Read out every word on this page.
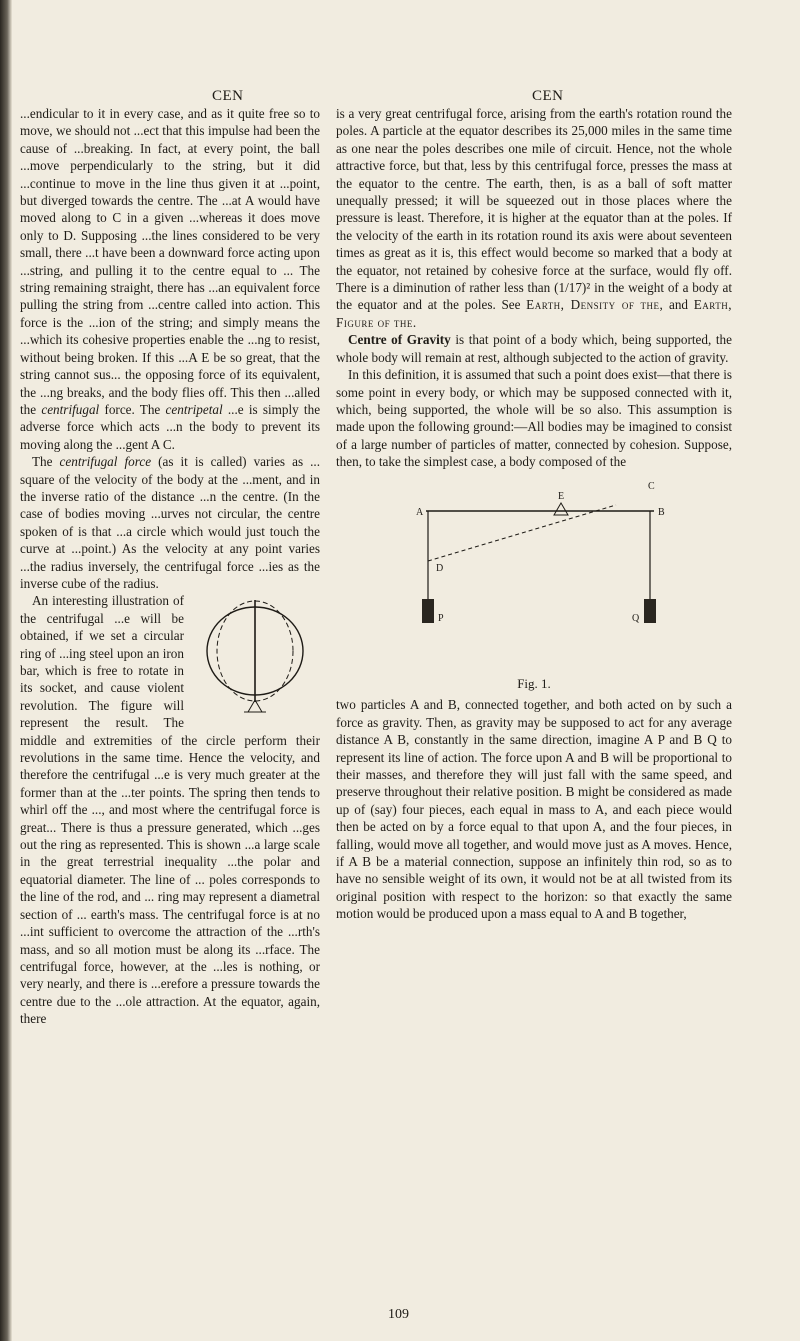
CEN	CEN

...endicular to it in every case, and as it quite free so to move, we should not ...ect that this impulse had been the cause of ...breaking. In fact, at every point, the ball ...move perpendicularly to the string, but it did ...continue to move in the line thus given it at ...point, but diverged towards the centre. The ...at A would have moved along to C in a given ...whereas it does move only to D. Supposing ...the lines considered to be very small, there ...t have been a downward force acting upon ...string, and pulling it to the centre equal to ... The string remaining straight, there has ...an equivalent force pulling the string from ...centre called into action. This force is the ...ion of the string; and simply means the ...which its cohesive properties enable the ...ng to resist, without being broken. If this ...A E be so great, that the string cannot sus... the opposing force of its equivalent, the ...ng breaks, and the body flies off. This then ...alled the centrifugal force. The centripetal ...e is simply the adverse force which acts ...n the body to prevent its moving along the ...gent A C.

The centrifugal force (as it is called) varies as ... square of the velocity of the body at the ...ment, and in the inverse ratio of the distance ...n the centre. (In the case of bodies moving ...urves not circular, the centre spoken of is that ...a circle which would just touch the curve at ...point.) As the velocity at any point varies ...the radius inversely, the centrifugal force ...ies as the inverse cube of the radius.

An interesting illustration of the centrifugal ...e will be obtained, if we set a circular ring of ...ing steel upon an iron bar, which is free to rotate in its socket, and cause violent revolution. The figure will represent the result. The middle and extremities of the circle perform their revolutions in the same time. Hence the velocity, and therefore the centrifugal ...e is very much greater at the former than at the ...ter points. The spring then tends to whirl off the ..., and most where the centrifugal force is great... There is thus a pressure generated, which ...ges out the ring as represented. This is shown ...a large scale in the great terrestrial inequality ...the polar and equatorial diameter. The line of ... poles corresponds to the line of the rod, and ... ring may represent a diametral section of ... earth's mass. The centrifugal force is at no ...int sufficient to overcome the attraction of the ...rth's mass, and so all motion must be along its ...rface. The centrifugal force, however, at the ...les is nothing, or very nearly, and there is ...erefore a pressure towards the centre due to the ...ole attraction. At the equator, again, there

is a very great centrifugal force, arising from the earth's rotation round the poles. A particle at the equator describes its 25,000 miles in the same time as one near the poles describes one mile of circuit. Hence, not the whole attractive force, but that, less by this centrifugal force, presses the mass at the equator to the centre. The earth, then, is as a ball of soft matter unequally pressed; it will be squeezed out in those places where the pressure is least. Therefore, it is higher at the equator than at the poles. If the velocity of the earth in its rotation round its axis were about seventeen times as great as it is, this effect would become so marked that a body at the equator, not retained by cohesive force at the surface, would fly off. There is a diminution of rather less than (1/17)² in the weight of a body at the equator and at the poles. See Earth, Density of the, and Earth, Figure of the.

Centre of Gravity is that point of a body which, being supported, the whole body will remain at rest, although subjected to the action of gravity.

In this definition, it is assumed that such a point does exist—that there is some point in every body, or which may be supposed connected with it, which, being supported, the whole will be so also. This assumption is made upon the following ground:—All bodies may be imagined to consist of a large number of particles of matter, connected by cohesion. Suppose, then, to take the simplest case, a body composed of the

A	B
C
D
E
P	Q
Fig. 1.

two particles A and B, connected together, and both acted on by such a force as gravity. Then, as gravity may be supposed to act for any average distance A B, constantly in the same direction, imagine A P and B Q to represent its line of action. The force upon A and B will be proportional to their masses, and therefore they will just fall with the same speed, and preserve throughout their relative position. B might be considered as made up of (say) four pieces, each equal in mass to A, and each piece would then be acted on by a force equal to that upon A, and the four pieces, in falling, would move all together, and would move just as A moves. Hence, if A B be a material connection, suppose an infinitely thin rod, so as to have no sensible weight of its own, it would not be at all twisted from its original position with respect to the horizon: so that exactly the same motion would be produced upon a mass equal to A and B together,

109
